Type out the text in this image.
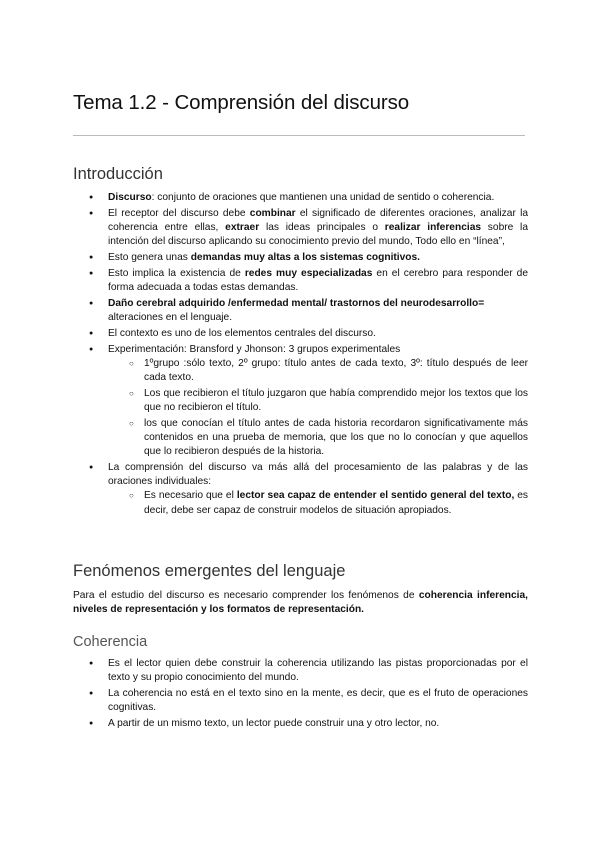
Tema 1.2 - Comprensión del discurso
Introducción
● Discurso: conjunto de oraciones que mantienen una unidad de sentido o coherencia.
● El receptor del discurso debe combinar el significado de diferentes oraciones, analizar la coherencia entre ellas, extraer las ideas principales o realizar inferencias sobre la intención del discurso aplicando su conocimiento previo del mundo, Todo ello en “línea”,
● Esto genera unas demandas muy altas a los sistemas cognitivos.
● Esto implica la existencia de redes muy especializadas en el cerebro para responder de forma adecuada a todas estas demandas.
● Daño cerebral adquirido /enfermedad mental/ trastornos del neurodesarrollo= alteraciones en el lenguaje.
● El contexto es uno de los elementos centrales del discurso.
● Experimentación: Bransford y Jhonson: 3 grupos experimentales
○ 1ºgrupo :sólo texto, 2º grupo: título antes de cada texto, 3º: título después de leer cada texto.
○ Los que recibieron el título juzgaron que había comprendido mejor los textos que los que no recibieron el título.
○ los que conocían el título antes de cada historia recordaron significativamente más contenidos en una prueba de memoria, que los que no lo conocían y que aquellos que lo recibieron después de la historia.
● La comprensión del discurso va más allá del procesamiento de las palabras y de las oraciones individuales:
○ Es necesario que el lector sea capaz de entender el sentido general del texto, es decir, debe ser capaz de construir modelos de situación apropiados.
Fenómenos emergentes del lenguaje

Para el estudio del discurso es necesario comprender los fenómenos de coherencia inferencia, niveles de representación y los formatos de representación.

Coherencia
● Es el lector quien debe construir la coherencia utilizando las pistas proporcionadas por el texto y su propio conocimiento del mundo.
● La coherencia no está en el texto sino en la mente, es decir, que es el fruto de operaciones cognitivas.
● A partir de un mismo texto, un lector puede construir una y otro lector, no.
